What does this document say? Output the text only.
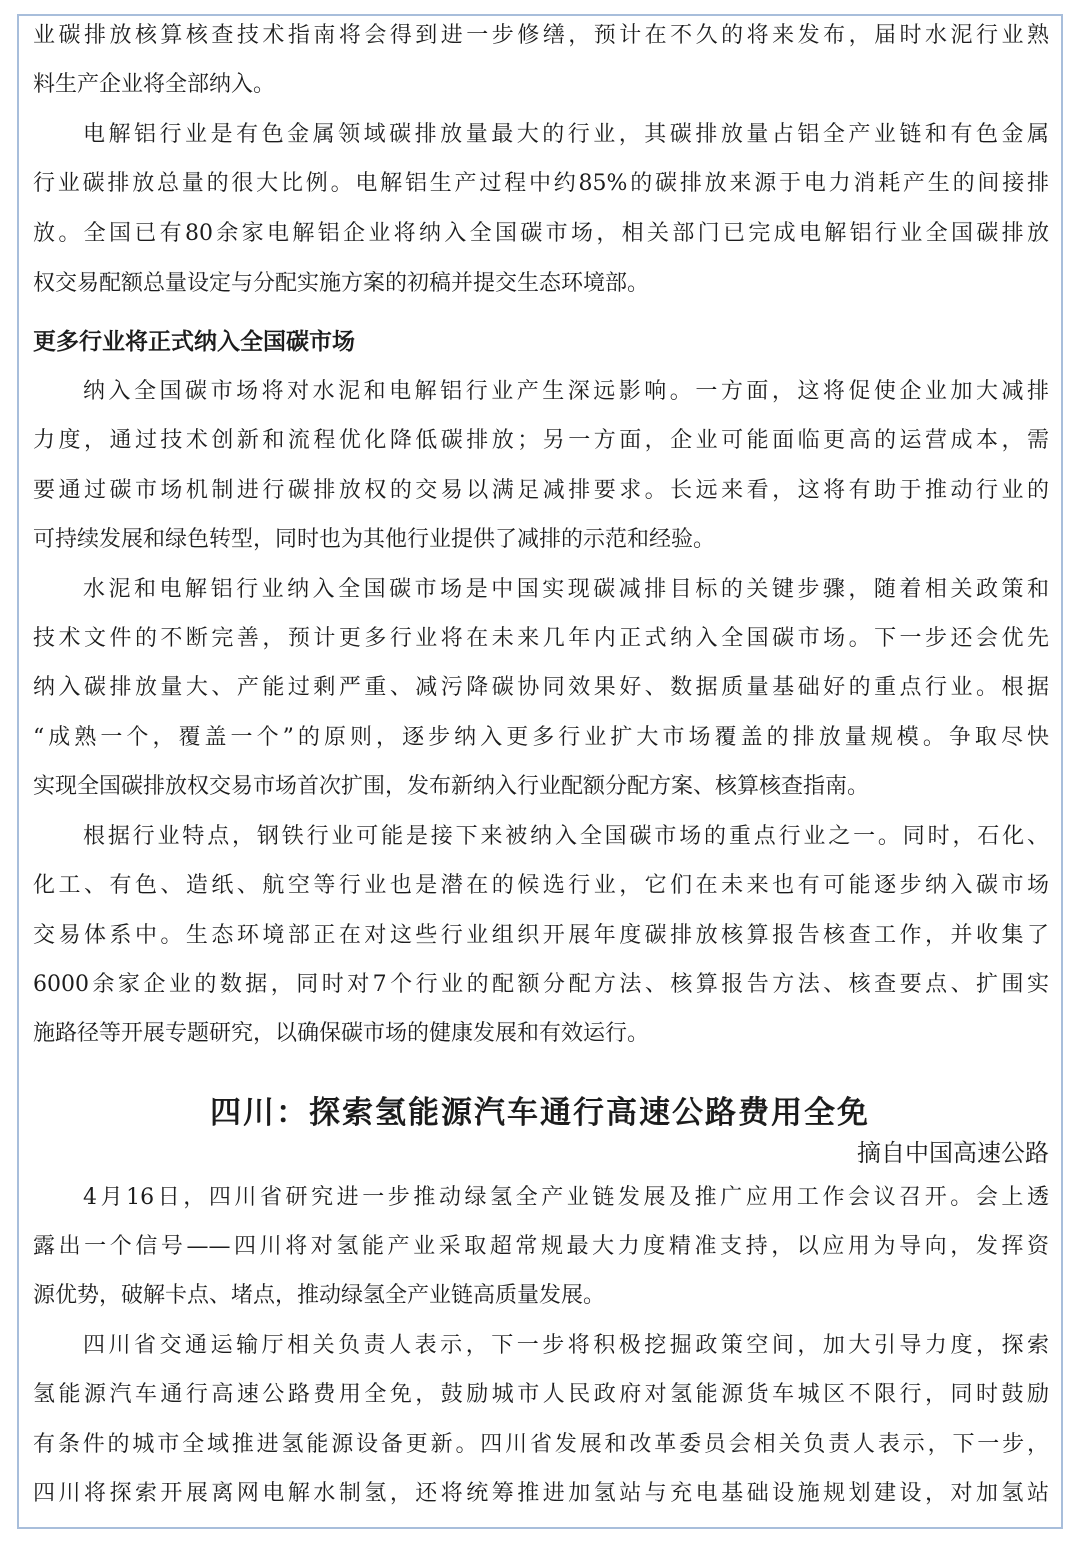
业碳排放核算核查技术指南将会得到进一步修缮，预计在不久的将来发布，届时水泥行业熟
料生产企业将全部纳入。
电解铝行业是有色金属领域碳排放量最大的行业，其碳排放量占铝全产业链和有色金属
行业碳排放总量的很大比例。电解铝生产过程中约85%的碳排放来源于电力消耗产生的间接排
放。全国已有80余家电解铝企业将纳入全国碳市场，相关部门已完成电解铝行业全国碳排放
权交易配额总量设定与分配实施方案的初稿并提交生态环境部。
更多行业将正式纳入全国碳市场
纳入全国碳市场将对水泥和电解铝行业产生深远影响。一方面，这将促使企业加大减排
力度，通过技术创新和流程优化降低碳排放；另一方面，企业可能面临更高的运营成本，需
要通过碳市场机制进行碳排放权的交易以满足减排要求。长远来看，这将有助于推动行业的
可持续发展和绿色转型，同时也为其他行业提供了减排的示范和经验。
水泥和电解铝行业纳入全国碳市场是中国实现碳减排目标的关键步骤，随着相关政策和
技术文件的不断完善，预计更多行业将在未来几年内正式纳入全国碳市场。下一步还会优先
纳入碳排放量大、产能过剩严重、减污降碳协同效果好、数据质量基础好的重点行业。根据
“成熟一个，覆盖一个”的原则，逐步纳入更多行业扩大市场覆盖的排放量规模。争取尽快
实现全国碳排放权交易市场首次扩围，发布新纳入行业配额分配方案、核算核查指南。
根据行业特点，钢铁行业可能是接下来被纳入全国碳市场的重点行业之一。同时，石化、
化工、有色、造纸、航空等行业也是潜在的候选行业，它们在未来也有可能逐步纳入碳市场
交易体系中。生态环境部正在对这些行业组织开展年度碳排放核算报告核查工作，并收集了
6000余家企业的数据，同时对7个行业的配额分配方法、核算报告方法、核查要点、扩围实
施路径等开展专题研究，以确保碳市场的健康发展和有效运行。
四川：探索氢能源汽车通行高速公路费用全免
摘自中国高速公路
4月16日，四川省研究进一步推动绿氢全产业链发展及推广应用工作会议召开。会上透
露出一个信号——四川将对氢能产业采取超常规最大力度精准支持，以应用为导向，发挥资
源优势，破解卡点、堵点，推动绿氢全产业链高质量发展。
四川省交通运输厅相关负责人表示，下一步将积极挖掘政策空间，加大引导力度，探索
氢能源汽车通行高速公路费用全免，鼓励城市人民政府对氢能源货车城区不限行，同时鼓励
有条件的城市全域推进氢能源设备更新。四川省发展和改革委员会相关负责人表示，下一步，
四川将探索开展离网电解水制氢，还将统筹推进加氢站与充电基础设施规划建设，对加氢站
